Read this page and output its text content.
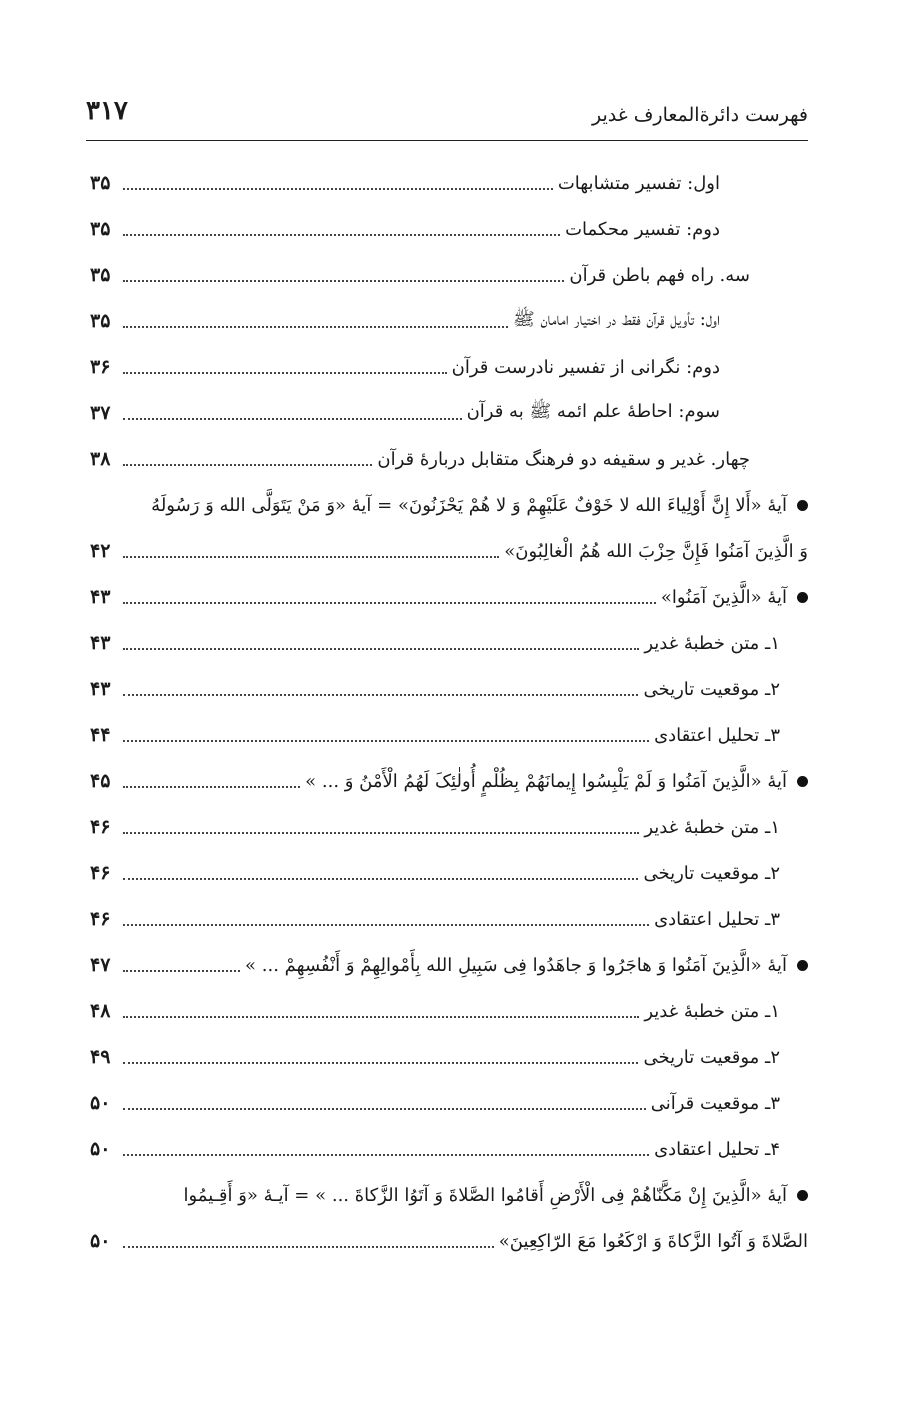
۳۱۷	فهرست دائرةالمعارف غدیر
اول: تفسیر متشابهات
۳۵
دوم: تفسیر محکمات
۳۵
سه. راه فهم باطن قرآن
۳۵
اول: تأویل قرآن فقط در اختیار امامان ﷺ
۳۵
دوم: نگرانی از تفسیر نادرست قرآن
۳۶
سوم: احاطهٔ علم ائمه ﷺ به قرآن
۳۷
چهار. غدیر و سقیفه دو فرهنگ متقابل دربارهٔ قرآن
۳۸
آیهٔ «أَلا إِنَّ أَوْلِیاءَ الله لا خَوْفٌ عَلَیْهِمْ وَ لا هُمْ یَحْزَنُونَ» = آیهٔ «وَ مَنْ یَتَوَلَّی الله وَ رَسُولَهُ
وَ الَّذِینَ آمَنُوا فَإِنَّ حِزْبَ الله هُمُ الْغالِبُونَ»
۴۲
آیهٔ «الَّذِینَ آمَنُوا»
۴۳
۱ـ متن خطبهٔ غدیر
۴۳
۲ـ موقعیت تاریخی
۴۳
۳ـ تحلیل اعتقادی
۴۴
آیهٔ «الَّذِینَ آمَنُوا وَ لَمْ یَلْبِسُوا إِیمانَهُمْ بِظُلْمٍ أُولٰئِکَ لَهُمُ الْأَمْنُ وَ ... »
۴۵
۱ـ متن خطبهٔ غدیر
۴۶
۲ـ موقعیت تاریخی
۴۶
۳ـ تحلیل اعتقادی
۴۶
آیهٔ «الَّذِینَ آمَنُوا وَ هاجَرُوا وَ جاهَدُوا فِی سَبِیلِ الله بِأَمْوالِهِمْ وَ أَنْفُسِهِمْ ... »
۴۷
۱ـ متن خطبهٔ غدیر
۴۸
۲ـ موقعیت تاریخی
۴۹
۳ـ موقعیت قرآنی
۵۰
۴ـ تحلیل اعتقادی
۵۰
آیهٔ «الَّذِینَ إِنْ مَکَّنّاهُمْ فِی الْأَرْضِ أَقامُوا الصَّلاةَ وَ آتَوُا الزَّکاةَ ... » = آیـهٔ «وَ أَقِـیمُوا
الصَّلاةَ وَ آتُوا الزَّکاةَ وَ ارْکَعُوا مَعَ الرّاکِعِینَ»
۵۰
